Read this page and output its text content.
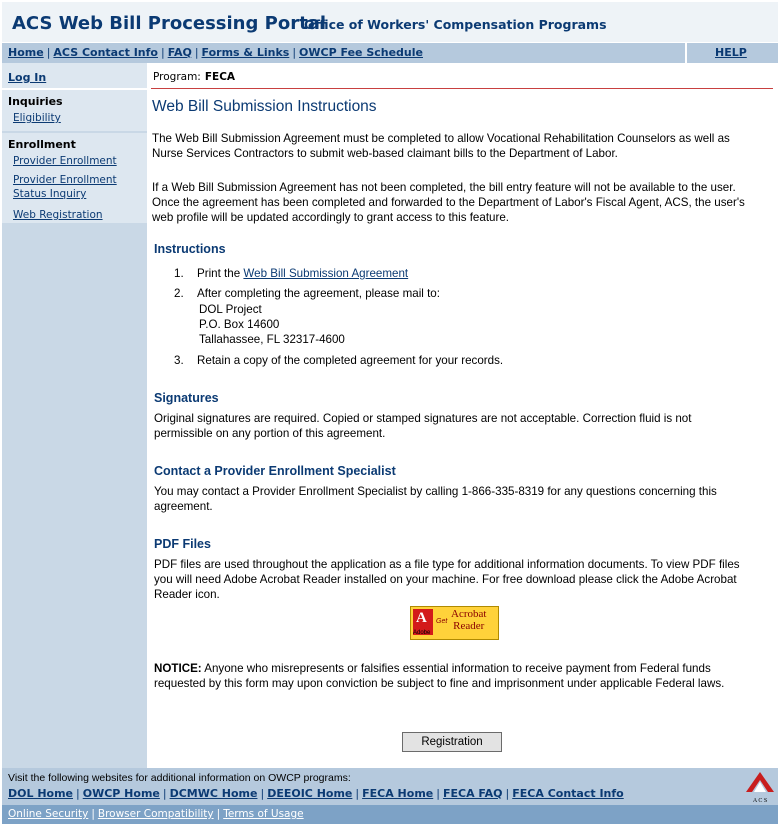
ACS Web Bill Processing Portal
Office of Workers' Compensation Programs
Home | ACS Contact Info | FAQ | Forms & Links | OWCP Fee Schedule	HELP
Log In
Inquiries
Eligibility
Enrollment
Provider Enrollment
Provider Enrollment
Status Inquiry
Web Registration
Program: FECA
Web Bill Submission Instructions
The Web Bill Submission Agreement must be completed to allow Vocational Rehabilitation Counselors as well as Nurse Services Contractors to submit web-based claimant bills to the Department of Labor.
If a Web Bill Submission Agreement has not been completed, the bill entry feature will not be available to the user. Once the agreement has been completed and forwarded to the Department of Labor's Fiscal Agent, ACS, the user's web profile will be updated accordingly to grant access to this feature.
Instructions
1. Print the Web Bill Submission Agreement
2. After completing the agreement, please mail to:
DOL Project
P.O. Box 14600
Tallahassee, FL 32317-4600
3. Retain a copy of the completed agreement for your records.
Signatures
Original signatures are required. Copied or stamped signatures are not acceptable. Correction fluid is not permissible on any portion of this agreement.
Contact a Provider Enrollment Specialist
You may contact a Provider Enrollment Specialist by calling 1-866-335-8319 for any questions concerning this agreement.
PDF Files
PDF files are used throughout the application as a file type for additional information documents. To view PDF files you will need Adobe Acrobat Reader installed on your machine. For free download please click the Adobe Acrobat Reader icon.
A
Adobe
Get
Acrobat
Reader
NOTICE: Anyone who misrepresents or falsifies essential information to receive payment from Federal funds requested by this form may upon conviction be subject to fine and imprisonment under applicable Federal laws.
Registration
Visit the following websites for additional information on OWCP programs:
DOL Home | OWCP Home | DCMWC Home | DEEOIC Home | FECA Home | FECA FAQ | FECA Contact Info
A C S
Online Security | Browser Compatibility | Terms of Usage
